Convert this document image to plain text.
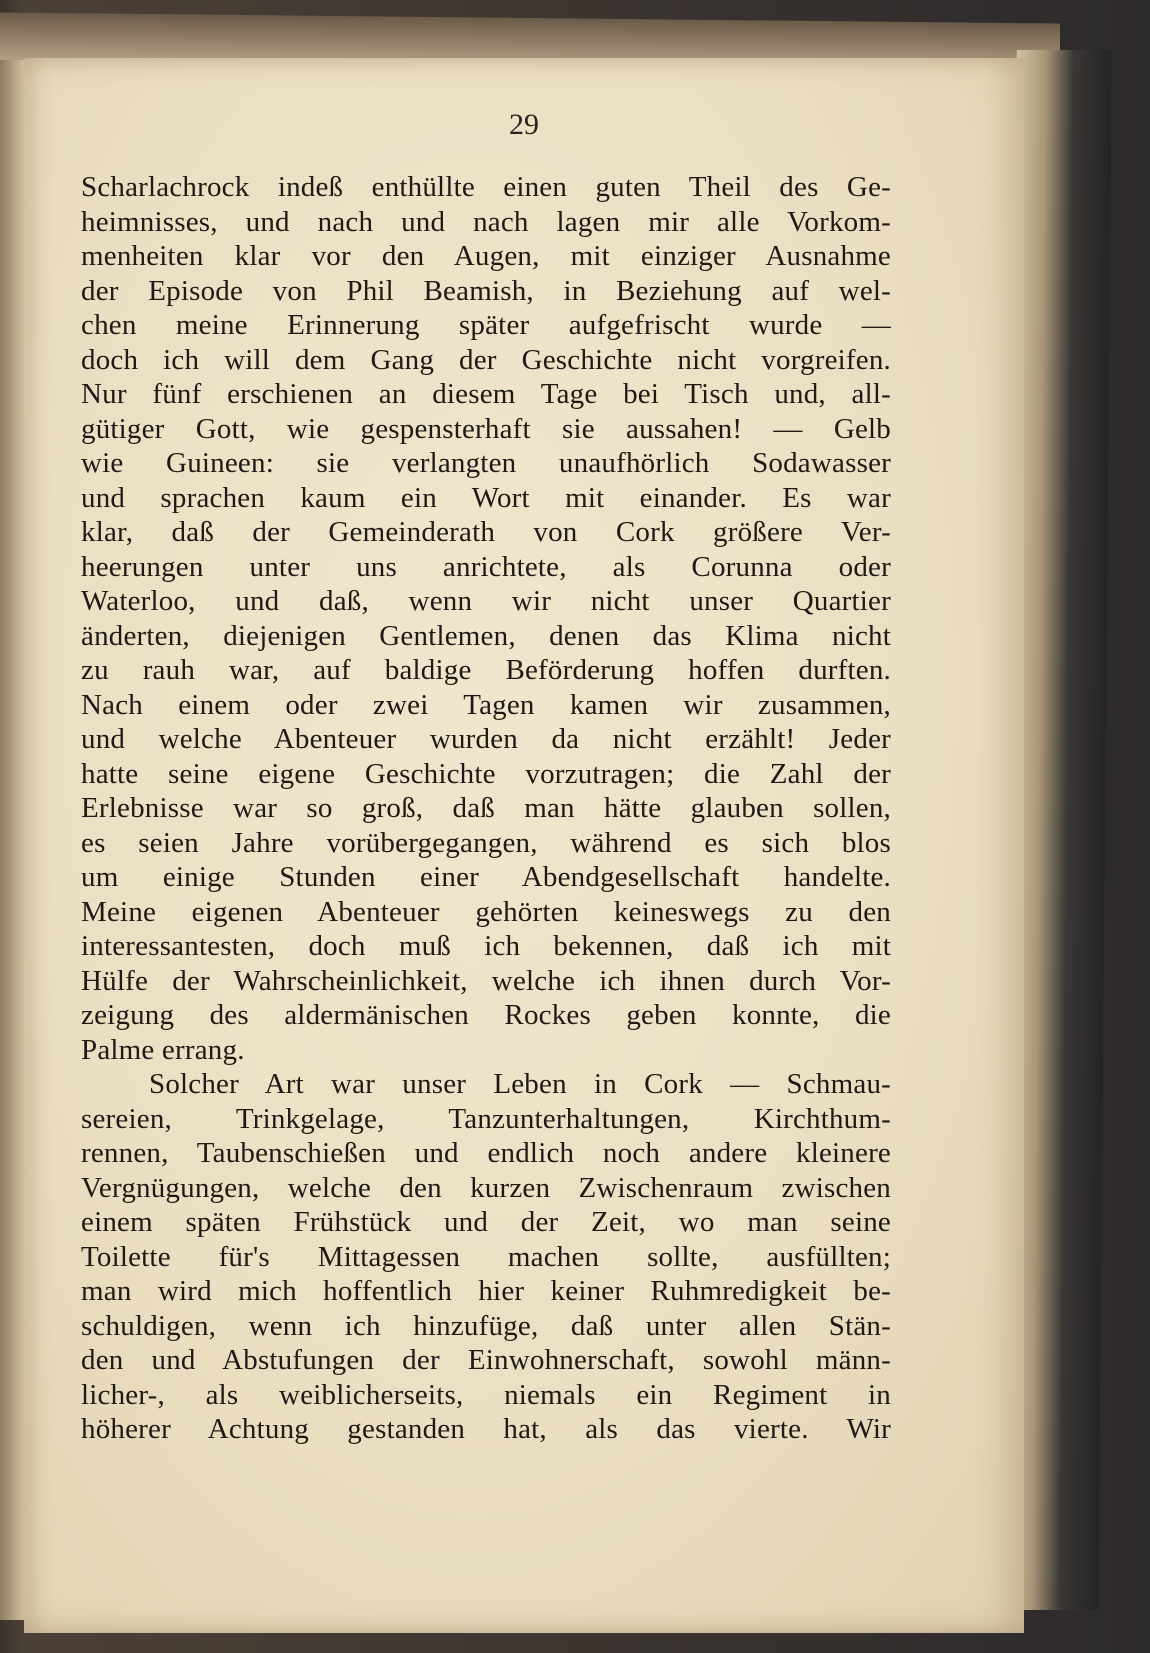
29
Scharlachrock indeß enthüllte einen guten Theil des Ge-
heimnisses, und nach und nach lagen mir alle Vorkom-
menheiten klar vor den Augen, mit einziger Ausnahme
der Episode von Phil Beamish, in Beziehung auf wel-
chen meine Erinnerung später aufgefrischt wurde —
doch ich will dem Gang der Geschichte nicht vorgreifen.
Nur fünf erschienen an diesem Tage bei Tisch und, all-
gütiger Gott, wie gespensterhaft sie aussahen! — Gelb
wie Guineen: sie verlangten unaufhörlich Sodawasser
und sprachen kaum ein Wort mit einander. Es war
klar, daß der Gemeinderath von Cork größere Ver-
heerungen unter uns anrichtete, als Corunna oder
Waterloo, und daß, wenn wir nicht unser Quartier
änderten, diejenigen Gentlemen, denen das Klima nicht
zu rauh war, auf baldige Beförderung hoffen durften.
Nach einem oder zwei Tagen kamen wir zusammen,
und welche Abenteuer wurden da nicht erzählt! Jeder
hatte seine eigene Geschichte vorzutragen; die Zahl der
Erlebnisse war so groß, daß man hätte glauben sollen,
es seien Jahre vorübergegangen, während es sich blos
um einige Stunden einer Abendgesellschaft handelte.
Meine eigenen Abenteuer gehörten keineswegs zu den
interessantesten, doch muß ich bekennen, daß ich mit
Hülfe der Wahrscheinlichkeit, welche ich ihnen durch Vor-
zeigung des aldermänischen Rockes geben konnte, die
Palme errang.
Solcher Art war unser Leben in Cork — Schmau-
sereien, Trinkgelage, Tanzunterhaltungen, Kirchthum-
rennen, Taubenschießen und endlich noch andere kleinere
Vergnügungen, welche den kurzen Zwischenraum zwischen
einem späten Frühstück und der Zeit, wo man seine
Toilette für's Mittagessen machen sollte, ausfüllten;
man wird mich hoffentlich hier keiner Ruhmredigkeit be-
schuldigen, wenn ich hinzufüge, daß unter allen Stän-
den und Abstufungen der Einwohnerschaft, sowohl männ-
licher-, als weiblicherseits, niemals ein Regiment in
höherer Achtung gestanden hat, als das vierte. Wir
